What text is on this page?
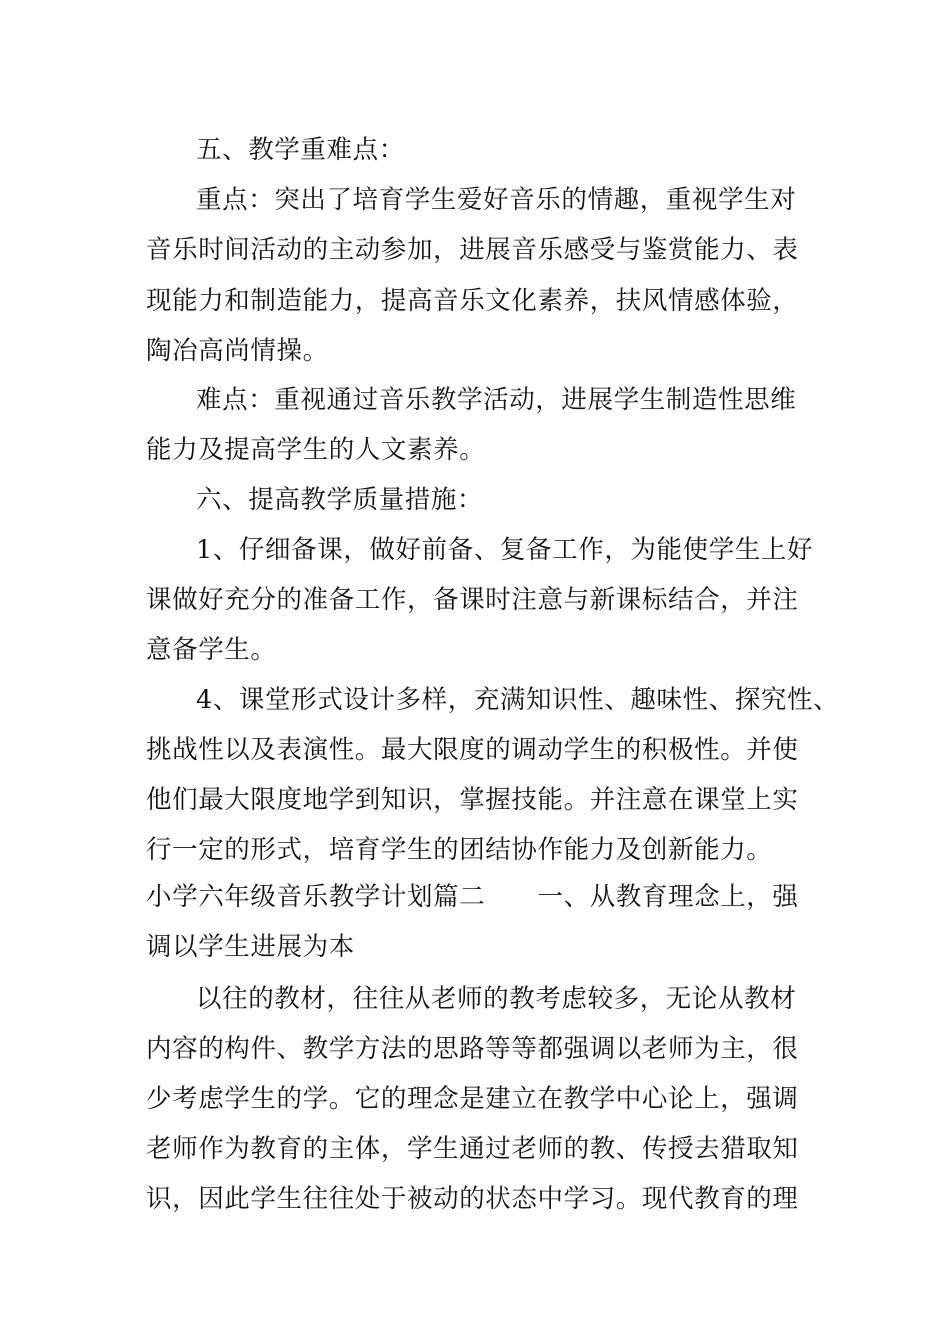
五、教学重难点：
重点：突出了培育学生爱好音乐的情趣，重视学生对
音乐时间活动的主动参加，进展音乐感受与鉴赏能力、表
现能力和制造能力，提高音乐文化素养，扶风情感体验，
陶冶高尚情操。
难点：重视通过音乐教学活动，进展学生制造性思维
能力及提高学生的人文素养。
六、提高教学质量措施：
1、仔细备课，做好前备、复备工作，为能使学生上好
课做好充分的准备工作，备课时注意与新课标结合，并注
意备学生。
4、课堂形式设计多样，充满知识性、趣味性、探究性、
挑战性以及表演性。最大限度的调动学生的积极性。并使
他们最大限度地学到知识，掌握技能。并注意在课堂上实
行一定的形式，培育学生的团结协作能力及创新能力。
小学六年级音乐教学计划篇二　　一、从教育理念上，强
调以学生进展为本
以往的教材，往往从老师的教考虑较多，无论从教材
内容的构件、教学方法的思路等等都强调以老师为主，很
少考虑学生的学。它的理念是建立在教学中心论上，强调
老师作为教育的主体，学生通过老师的教、传授去猎取知
识，因此学生往往处于被动的状态中学习。现代教育的理
